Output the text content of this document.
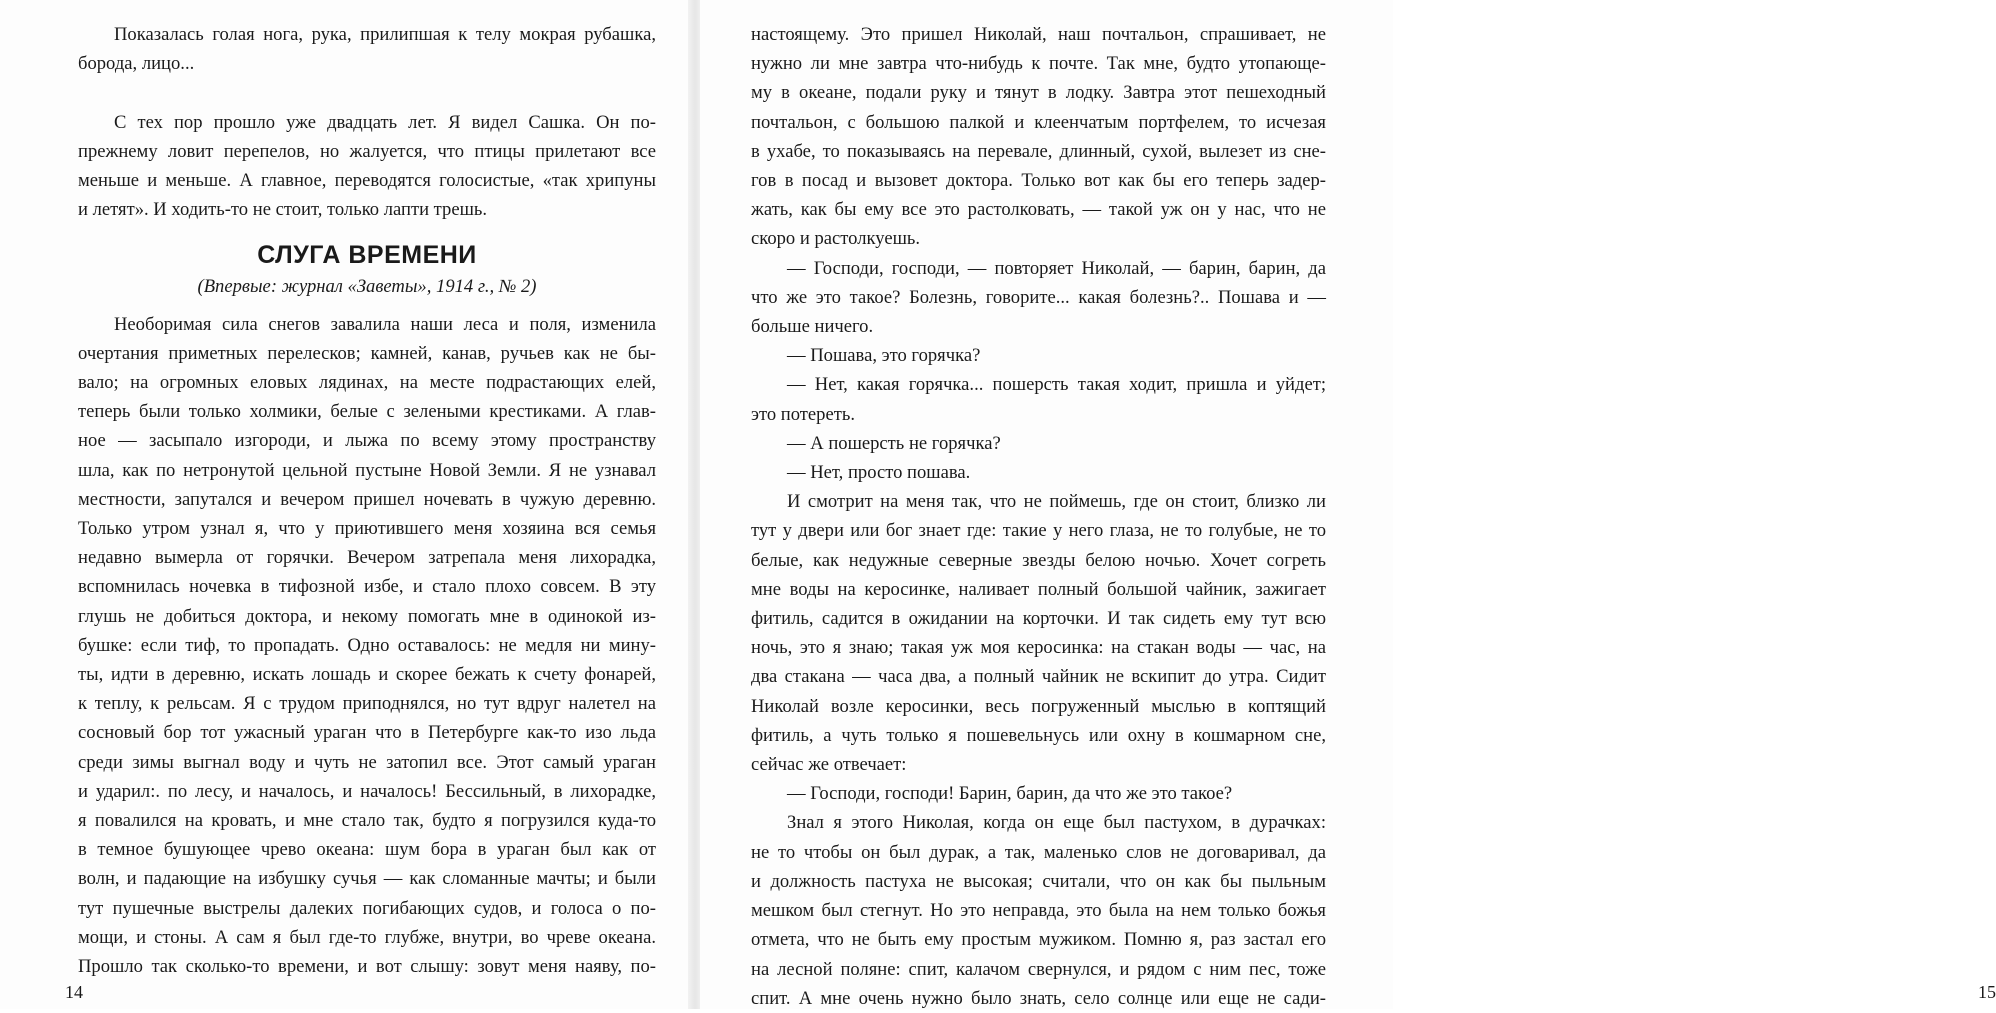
Показалась голая нога, рука, прилипшая к телу мокрая рубашка,
борода, лицо...
С тех пор прошло уже двадцать лет. Я видел Сашка. Он по-
прежнему ловит перепелов, но жалуется, что птицы прилетают все
меньше и меньше. А главное, переводятся голосистые, «так хрипуны
и летят». И ходить-то не стоит, только лапти трешь.
СЛУГА ВРЕМЕНИ
(Впервые: журнал «Заветы», 1914 г., № 2)
Необоримая сила снегов завалила наши леса и поля, изменила
очертания приметных перелесков; камней, канав, ручьев как не бы-
вало; на огромных еловых лядинах, на месте подрастающих елей,
теперь были только холмики, белые с зелеными крестиками. А глав-
ное — засыпало изгороди, и лыжа по всему этому пространству
шла, как по нетронутой цельной пустыне Новой Земли. Я не узнавал
местности, запутался и вечером пришел ночевать в чужую деревню.
Только утром узнал я, что у приютившего меня хозяина вся семья
недавно вымерла от горячки. Вечером затрепала меня лихорадка,
вспомнилась ночевка в тифозной избе, и стало плохо совсем. В эту
глушь не добиться доктора, и некому помогать мне в одинокой из-
бушке: если тиф, то пропадать. Одно оставалось: не медля ни мину-
ты, идти в деревню, искать лошадь и скорее бежать к счету фонарей,
к теплу, к рельсам. Я с трудом приподнялся, но тут вдруг налетел на
сосновый бор тот ужасный ураган что в Петербурге как-то изо льда
среди зимы выгнал воду и чуть не затопил все. Этот самый ураган
и ударил:. по лесу, и началось, и началось! Бессильный, в лихорадке,
я повалился на кровать, и мне стало так, будто я погрузился куда-то
в темное бушующее чрево океана: шум бора в ураган был как от
волн, и падающие на избушку сучья — как сломанные мачты; и были
тут пушечные выстрелы далеких погибающих судов, и голоса о по-
мощи, и стоны. А сам я был где-то глубже, внутри, во чреве океана.
Прошло так сколько-то времени, и вот слышу: зовут меня наяву, по-
14
настоящему. Это пришел Николай, наш почтальон, спрашивает, не
нужно ли мне завтра что-нибудь к почте. Так мне, будто утопающе-
му в океане, подали руку и тянут в лодку. Завтра этот пешеходный
почтальон, с большою палкой и клеенчатым портфелем, то исчезая
в ухабе, то показываясь на перевале, длинный, сухой, вылезет из сне-
гов в посад и вызовет доктора. Только вот как бы его теперь задер-
жать, как бы ему все это растолковать, — такой уж он у нас, что не
скоро и растолкуешь.
— Господи, господи, — повторяет Николай, — барин, барин, да
что же это такое? Болезнь, говорите... какая болезнь?.. Пошава и —
больше ничего.
— Пошава, это горячка?
— Нет, какая горячка... пошерсть такая ходит, пришла и уйдет;
это потереть.
— А пошерсть не горячка?
— Нет, просто пошава.
И смотрит на меня так, что не поймешь, где он стоит, близко ли
тут у двери или бог знает где: такие у него глаза, не то голубые, не то
белые, как недужные северные звезды белою ночью. Хочет согреть
мне воды на керосинке, наливает полный большой чайник, зажигает
фитиль, садится в ожидании на корточки. И так сидеть ему тут всю
ночь, это я знаю; такая уж моя керосинка: на стакан воды — час, на
два стакана — часа два, а полный чайник не вскипит до утра. Сидит
Николай возле керосинки, весь погруженный мыслью в коптящий
фитиль, а чуть только я пошевельнусь или охну в кошмарном сне,
сейчас же отвечает:
— Господи, господи! Барин, барин, да что же это такое?
Знал я этого Николая, когда он еще был пастухом, в дурачках:
не то чтобы он был дурак, а так, маленько слов не договаривал, да
и должность пастуха не высокая; считали, что он как бы пыльным
мешком был стегнут. Но это неправда, это была на нем только божья
отмета, что не быть ему простым мужиком. Помню я, раз застал его
на лесной поляне: спит, калачом свернулся, и рядом с ним пес, тоже
спит. А мне очень нужно было знать, село солнце или еще не сади-	15
